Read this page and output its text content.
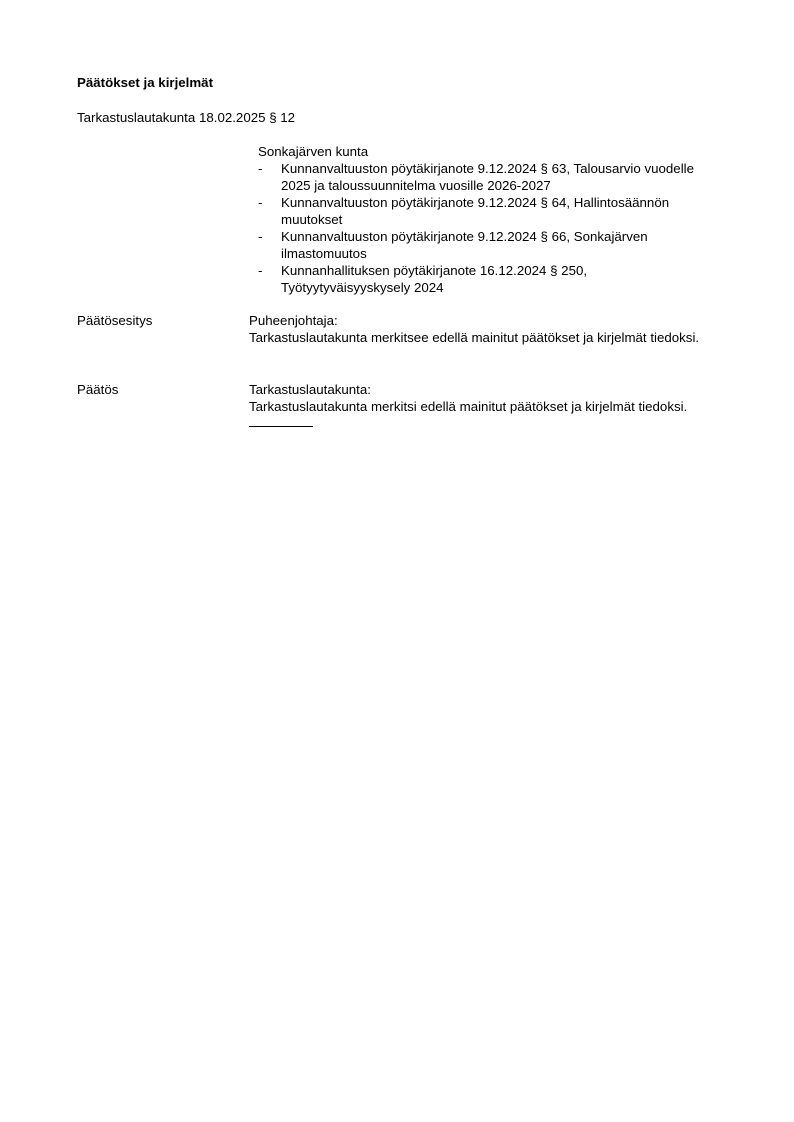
Päätökset ja kirjelmät
Tarkastuslautakunta 18.02.2025 § 12
Sonkajärven kunta
- Kunnanvaltuuston pöytäkirjanote 9.12.2024 § 63, Talousarvio vuodelle 2025 ja taloussuunnitelma vuosille 2026-2027
- Kunnanvaltuuston pöytäkirjanote 9.12.2024 § 64, Hallintosäännön muutokset
- Kunnanvaltuuston pöytäkirjanote 9.12.2024 § 66, Sonkajärven ilmastomuutos
- Kunnanhallituksen pöytäkirjanote 16.12.2024 § 250, Työtyytyväisyyskysely 2024
Päätösesitys	Puheenjohtaja:
Tarkastuslautakunta merkitsee edellä mainitut päätökset ja kirjelmät tiedoksi.
Päätös	Tarkastuslautakunta:
Tarkastuslautakunta merkitsi edellä mainitut päätökset ja kirjelmät tiedoksi.
